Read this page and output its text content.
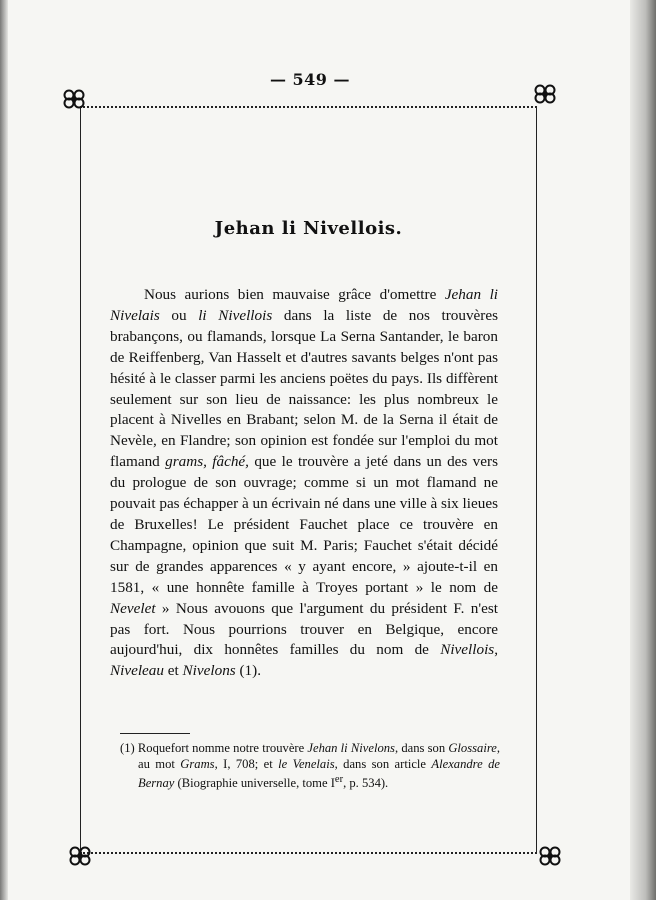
— 549 —
Jehan li Nivellois.

Nous aurions bien mauvaise grâce d'omettre Jehan li Nivelais ou li Nivellois dans la liste de nos trouvères brabançons, ou flamands, lorsque La Serna Santander, le baron de Reiffenberg, Van Hasselt et d'autres savants belges n'ont pas hésité à le classer parmi les anciens poëtes du pays. Ils diffèrent seulement sur son lieu de naissance: les plus nombreux le placent à Nivelles en Brabant; selon M. de la Serna il était de Nevèle, en Flandre; son opinion est fondée sur l'emploi du mot flamand grams, fâché, que le trouvère a jeté dans un des vers du prologue de son ouvrage; comme si un mot flamand ne pouvait pas échapper à un écrivain né dans une ville à six lieues de Bruxelles! Le président Fauchet place ce trouvère en Champagne, opinion que suit M. Paris; Fauchet s'était décidé sur de grandes apparences « y ayant encore, » ajoute-t-il en 1581, « une honnête famille à Troyes portant » le nom de Nevelet » Nous avouons que l'argument du président F. n'est pas fort. Nous pourrions trouver en Belgique, encore aujourd'hui, dix honnêtes familles du nom de Nivellois, Niveleau et Nivelons (1).

(1) Roquefort nomme notre trouvère Jehan li Nivelons, dans son Glossaire, au mot Grams, I, 708; et le Venelais, dans son article Alexandre de Bernay (Biographie universelle, tome Ier, p. 534).
